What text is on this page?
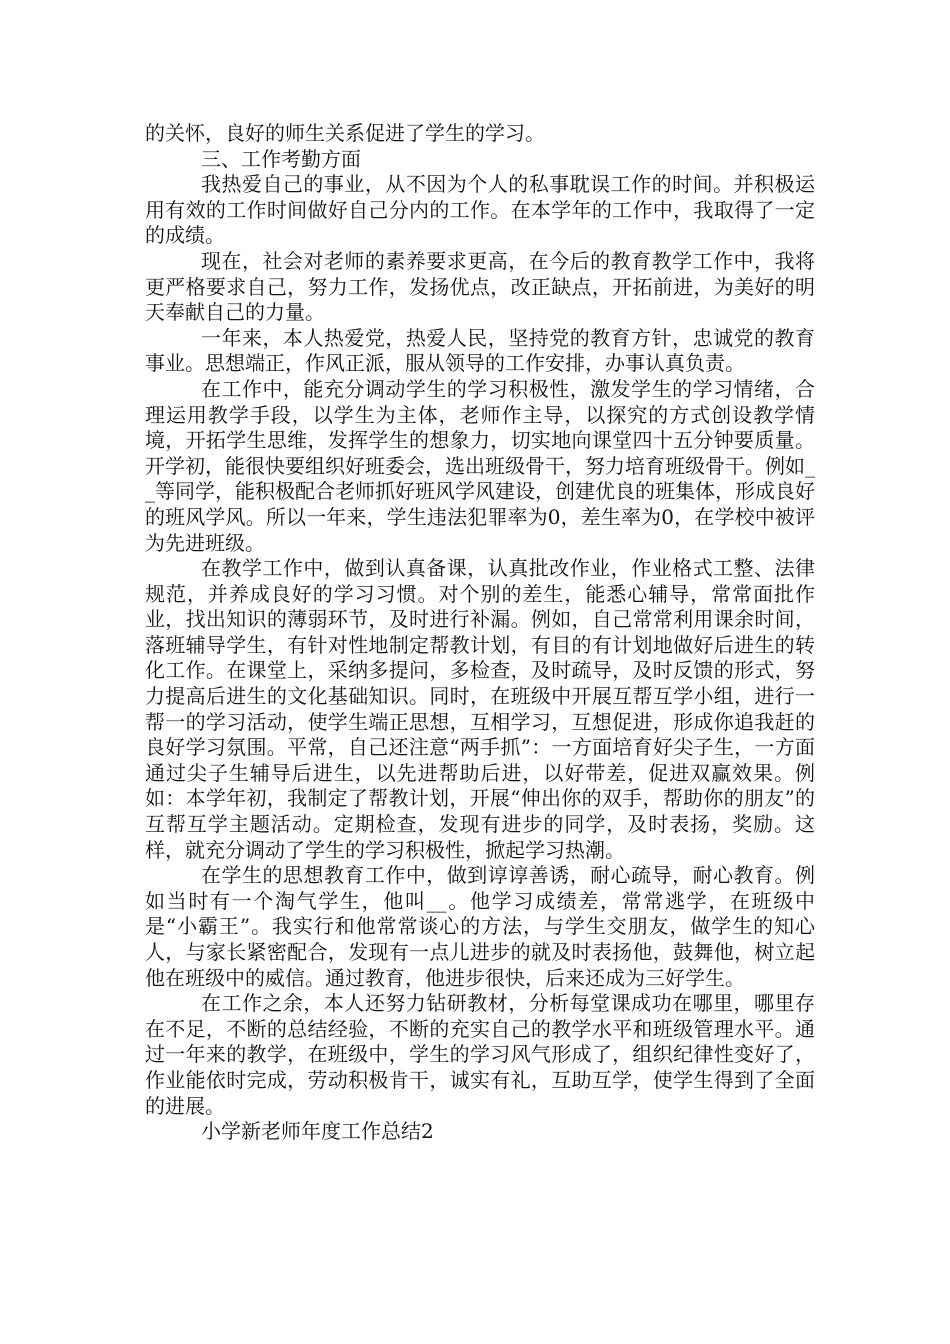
的关怀，良好的师生关系促进了学生的学习。

三、工作考勤方面

我热爱自己的事业，从不因为个人的私事耽误工作的时间。并积极运用有效的工作时间做好自己分内的工作。在本学年的工作中，我取得了一定的成绩。

现在，社会对老师的素养要求更高，在今后的教育教学工作中，我将更严格要求自己，努力工作，发扬优点，改正缺点，开拓前进，为美好的明天奉献自己的力量。

一年来，本人热爱党，热爱人民，坚持党的教育方针，忠诚党的教育事业。思想端正，作风正派，服从领导的工作安排，办事认真负责。

在工作中，能充分调动学生的学习积极性，激发学生的学习情绪，合理运用教学手段，以学生为主体，老师作主导，以探究的方式创设教学情境，开拓学生思维，发挥学生的想象力，切实地向课堂四十五分钟要质量。开学初，能很快要组织好班委会，选出班级骨干，努力培育班级骨干。例如__等同学，能积极配合老师抓好班风学风建设，创建优良的班集体，形成良好的班风学风。所以一年来，学生违法犯罪率为0，差生率为0，在学校中被评为先进班级。

在教学工作中，做到认真备课，认真批改作业，作业格式工整、法律规范，并养成良好的学习习惯。对个别的差生，能悉心辅导，常常面批作业，找出知识的薄弱环节，及时进行补漏。例如，自己常常利用课余时间，落班辅导学生，有针对性地制定帮教计划，有目的有计划地做好后进生的转化工作。在课堂上，采纳多提问，多检查，及时疏导，及时反馈的形式，努力提高后进生的文化基础知识。同时，在班级中开展互帮互学小组，进行一帮一的学习活动，使学生端正思想，互相学习，互想促进，形成你追我赶的良好学习氛围。平常，自己还注意“两手抓”：一方面培育好尖子生，一方面通过尖子生辅导后进生，以先进帮助后进，以好带差，促进双赢效果。例如：本学年初，我制定了帮教计划，开展“伸出你的双手，帮助你的朋友”的互帮互学主题活动。定期检查，发现有进步的同学，及时表扬，奖励。这样，就充分调动了学生的学习积极性，掀起学习热潮。

在学生的思想教育工作中，做到谆谆善诱，耐心疏导，耐心教育。例如当时有一个淘气学生，他叫__。他学习成绩差，常常逃学，在班级中是“小霸王”。我实行和他常常谈心的方法，与学生交朋友，做学生的知心人，与家长紧密配合，发现有一点儿进步的就及时表扬他，鼓舞他，树立起他在班级中的威信。通过教育，他进步很快，后来还成为三好学生。

在工作之余，本人还努力钻研教材，分析每堂课成功在哪里，哪里存在不足，不断的总结经验，不断的充实自己的教学水平和班级管理水平。通过一年来的教学，在班级中，学生的学习风气形成了，组织纪律性变好了，作业能依时完成，劳动积极肯干，诚实有礼，互助互学，使学生得到了全面的进展。

小学新老师年度工作总结2
